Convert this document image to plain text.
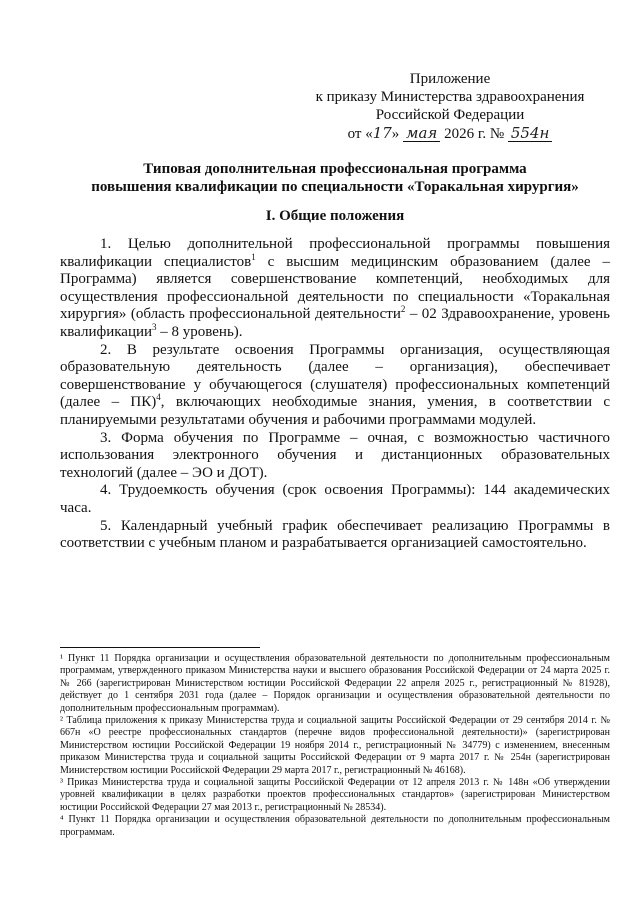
Приложение
к приказу Министерства здравоохранения
Российской Федерации
от «17» мая 2026 г. № 554н
Типовая дополнительная профессиональная программа
повышения квалификации по специальности «Торакальная хирургия»
I. Общие положения

1. Целью дополнительной профессиональной программы повышения квалификации специалистов$^1$ с высшим медицинским образованием (далее – Программа) является совершенствование компетенций, необходимых для осуществления профессиональной деятельности по специальности «Торакальная хирургия» (область профессиональной деятельности$^2$ – 02 Здравоохранение, уровень квалификации$^3$ – 8 уровень).

2. В результате освоения Программы организация, осуществляющая образовательную деятельность (далее – организация), обеспечивает совершенствование у обучающегося (слушателя) профессиональных компетенций (далее – ПК)$^4$, включающих необходимые знания, умения, в соответствии с планируемыми результатами обучения и рабочими программами модулей.

3. Форма обучения по Программе – очная, с возможностью частичного использования электронного обучения и дистанционных образовательных технологий (далее – ЭО и ДОТ).

4. Трудоемкость обучения (срок освоения Программы): 144 академических часа.

5. Календарный учебный график обеспечивает реализацию Программы в соответствии с учебным планом и разрабатывается организацией самостоятельно.

¹ Пункт 11 Порядка организации и осуществления образовательной деятельности по дополнительным профессиональным программам, утвержденного приказом Министерства науки и высшего образования Российской Федерации от 24 марта 2025 г. № 266 (зарегистрирован Министерством юстиции Российской Федерации 22 апреля 2025 г., регистрационный № 81928), действует до 1 сентября 2031 года (далее – Порядок организации и осуществления образовательной деятельности по дополнительным профессиональным программам).

² Таблица приложения к приказу Министерства труда и социальной защиты Российской Федерации от 29 сентября 2014 г. № 667н «О реестре профессиональных стандартов (перечне видов профессиональной деятельности)» (зарегистрирован Министерством юстиции Российской Федерации 19 ноября 2014 г., регистрационный № 34779) с изменением, внесенным приказом Министерства труда и социальной защиты Российской Федерации от 9 марта 2017 г. № 254н (зарегистрирован Министерством юстиции Российской Федерации 29 марта 2017 г., регистрационный № 46168).

³ Приказ Министерства труда и социальной защиты Российской Федерации от 12 апреля 2013 г. № 148н «Об утверждении уровней квалификации в целях разработки проектов профессиональных стандартов» (зарегистрирован Министерством юстиции Российской Федерации 27 мая 2013 г., регистрационный № 28534).

⁴ Пункт 11 Порядка организации и осуществления образовательной деятельности по дополнительным профессиональным программам.
